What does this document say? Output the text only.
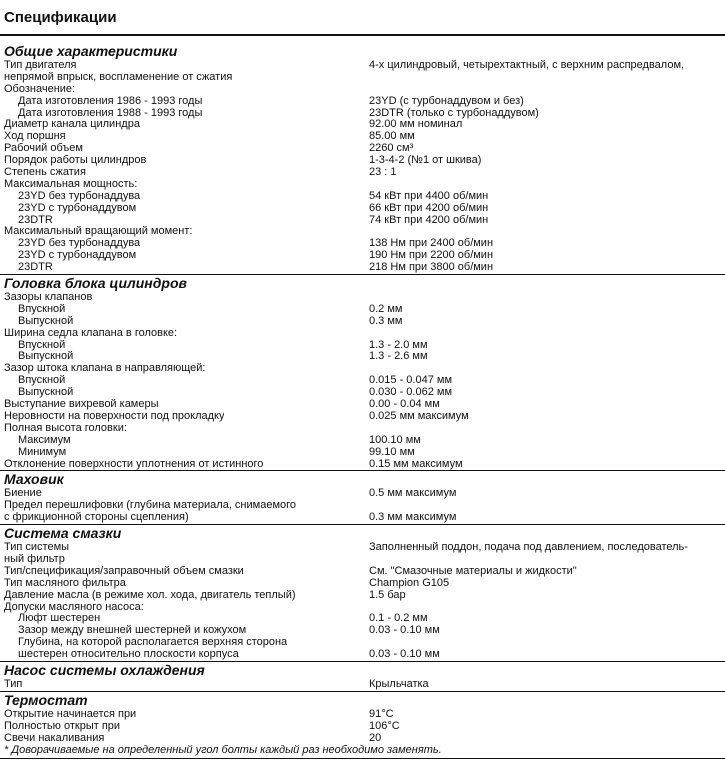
Спецификации
Общие характеристики
Тип двигателя	4-х цилиндровый, четырехтактный, с верхним распредвалом,
непрямой впрыск, воспламенение от сжатия
Обозначение:
Дата изготовления 1986 - 1993 годы	23YD (с турбонаддувом и без)
Дата изготовления 1988 - 1993 годы	23DTR (только с турбонаддувом)
Диаметр канала цилиндра	92.00 мм номинал
Ход поршня	85.00 мм
Рабочий объем	2260 см³
Порядок работы цилиндров	1-3-4-2 (№1 от шкива)
Степень сжатия	23 : 1
Максимальная мощность:
23YD без турбонаддува	54 кВт при 4400 об/мин
23YD с турбонаддувом	66 кВт при 4200 об/мин
23DTR	74 кВт при 4200 об/мин
Максимальный вращающий момент:
23YD без турбонаддува	138 Нм при 2400 об/мин
23YD с турбонаддувом	190 Нм при 2200 об/мин
23DTR	218 Нм при 3800 об/мин
Головка блока цилиндров
Зазоры клапанов
Впускной	0.2 мм
Выпускной	0.3 мм
Ширина седла клапана в головке:
Впускной	1.3 - 2.0 мм
Выпускной	1.3 - 2.6 мм
Зазор штока клапана в направляющей:
Впускной	0.015 - 0.047 мм
Выпускной	0.030 - 0.062 мм
Выступание вихревой камеры	0.00 - 0.04 мм
Неровности на поверхности под прокладку	0.025 мм максимум
Полная высота головки:
Максимум	100.10 мм
Минимум	99.10 мм
Отклонение поверхности уплотнения от истинного	0.15 мм максимум
Маховик
Биение	0.5 мм максимум
Предел перешлифовки (глубина материала, снимаемого
с фрикционной стороны сцепления)	0.3 мм максимум
Система смазки
Тип системы	Заполненный поддон, подача под давлением, последователь-
ный фильтр
Тип/спецификация/заправочный объем смазки	См. "Смазочные материалы и жидкости"
Тип масляного фильтра	Champion G105
Давление масла (в режиме хол. хода, двигатель теплый)	1.5 бар
Допуски масляного насоса:
Люфт шестерен	0.1 - 0.2 мм
Зазор между внешней шестерней и кожухом	0.03 - 0.10 мм
Глубина, на которой располагается верхняя сторона
шестерен относительно плоскости корпуса	0.03 - 0.10 мм
Насос системы охлаждения
Тип	Крыльчатка
Термостат
Открытие начинается при	91°C
Полностью открыт при	106°C
Свечи накаливания	20
* Доворачиваемые на определенный угол болты каждый раз необходимо заменять.
